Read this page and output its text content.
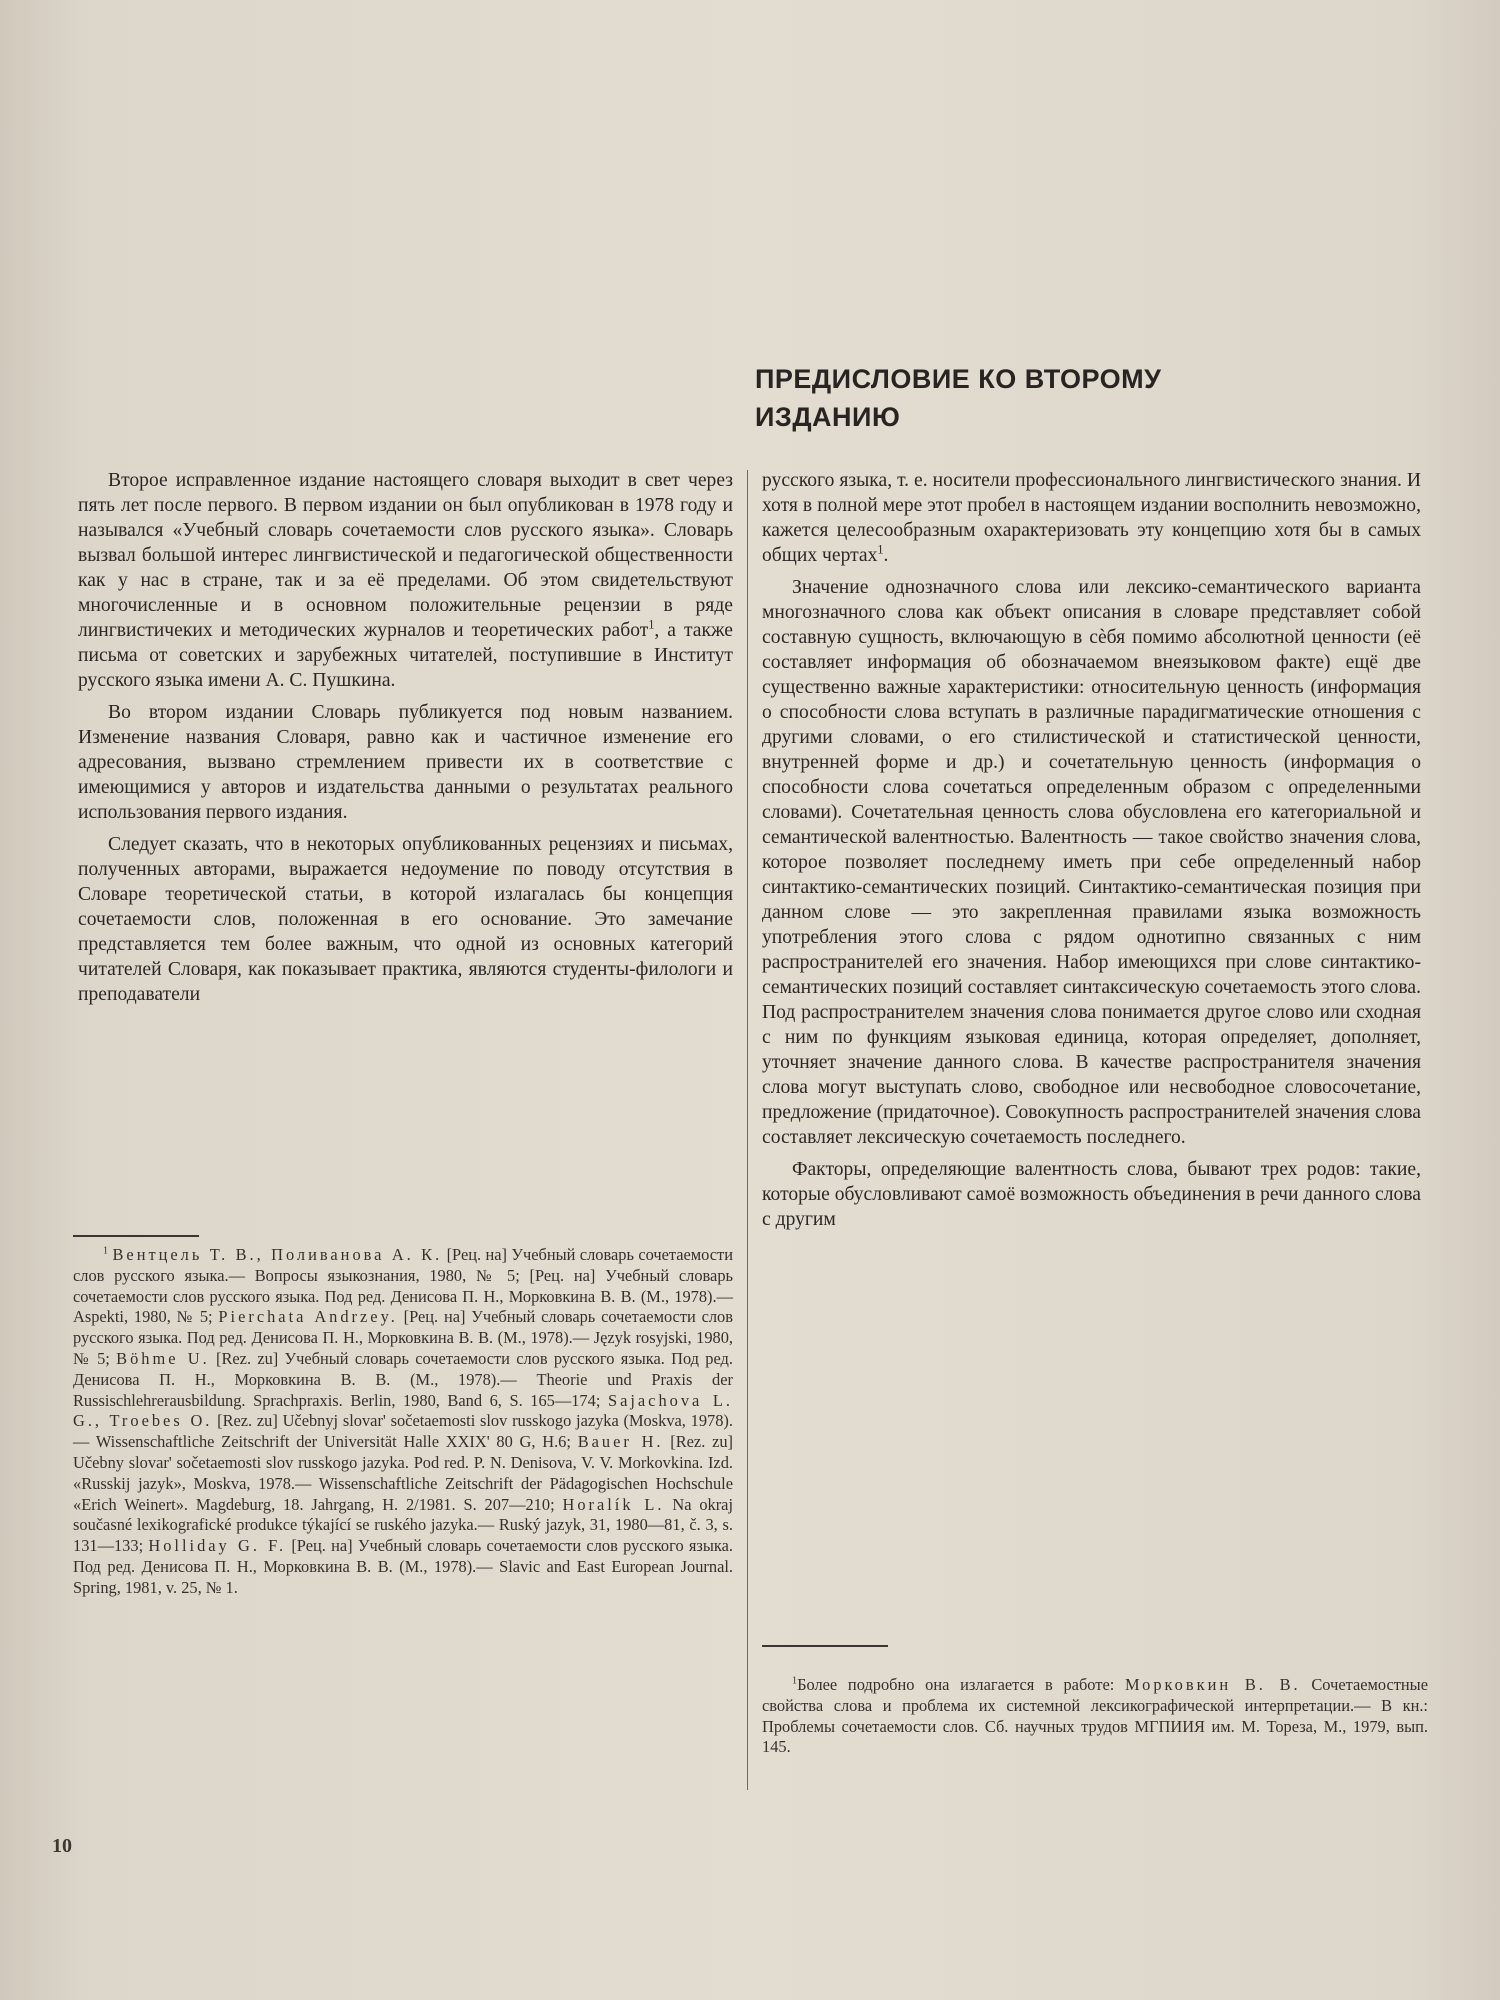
ПРЕДИСЛОВИЕ КО ВТОРОМУ
ИЗДАНИЮ

Второе исправленное издание настоящего словаря выходит в свет через пять лет после первого. В первом издании он был опубликован в 1978 году и назывался «Учебный словарь сочетаемости слов русского языка». Словарь вызвал большой интерес лингвистической и педагогической общественности как у нас в стране, так и за её пределами. Об этом свидетельствуют многочисленные и в основном положительные рецензии в ряде лингвистичеких и методических журналов и теоретических работ$^1$, а также письма от советских и зарубежных читателей, поступившие в Институт русского языка имени А. С. Пушкина.

Во втором издании Словарь публикуется под новым названием. Изменение названия Словаря, равно как и частичное изменение его адресования, вызвано стремлением привести их в соответствие с имеющимися у авторов и издательства данными о результатах реального использования первого издания.

Следует сказать, что в некоторых опубликованных рецензиях и письмах, полученных авторами, выражается недоумение по поводу отсутствия в Словаре теоретической статьи, в которой излагалась бы концепция сочетаемости слов, положенная в его основание. Это замечание представляется тем более важным, что одной из основных категорий читателей Словаря, как показывает практика, являются студенты-филологи и преподаватели

русского языка, т. е. носители профессионального лингвистического знания. И хотя в полной мере этот пробел в настоящем издании восполнить невозможно, кажется целесообразным охарактеризовать эту концепцию хотя бы в самых общих чертах$^1$.

Значение однозначного слова или лексико-семантического варианта многозначного слова как объект описания в словаре представляет собой составную сущность, включающую в сèбя помимо абсолютной ценности (её составляет информация об обозначаемом внеязыковом факте) ещё две существенно важные характеристики: относительную ценность (информация о способности слова вступать в различные парадигматические отношения с другими словами, о его стилистической и статистической ценности, внутренней форме и др.) и сочетательную ценность (информация о способности слова сочетаться определенным образом с определенными словами). Сочетательная ценность слова обусловлена его категориальной и семантической валентностью. Валентность — такое свойство значения слова, которое позволяет последнему иметь при себе определенный набор синтактико-семантических позиций. Синтактико-семантическая позиция при данном слове — это закрепленная правилами языка возможность употребления этого слова с рядом однотипно связанных с ним распространителей его значения. Набор имеющихся при слове синтактико-семантических позиций составляет синтаксическую сочетаемость этого слова. Под распространителем значения слова понимается другое слово или сходная с ним по функциям языковая единица, которая определяет, дополняет, уточняет значение данного слова. В качестве распространителя значения слова могут выступать слово, свободное или несвободное словосочетание, предложение (придаточное). Совокупность распространителей значения слова составляет лексическую сочетаемость последнего.

Факторы, определяющие валентность слова, бывают трех родов: такие, которые обусловливают самоё возможность объединения в речи данного слова с другим

$^1$ Вентцель Т. В., Поливанова А. К. [Рец. на] Учебный словарь сочетаемости слов русского языка.— Вопросы языкознания, 1980, № 5; [Рец. на] Учебный словарь сочетаемости слов русского языка. Под ред. Денисова П. Н., Морковкина В. В. (М., 1978).— Aspekti, 1980, № 5; Pierchata Andrzey. [Рец. на] Учебный словарь сочетаемости слов русского языка. Под ред. Денисова П. Н., Морковкина В. В. (М., 1978).— Język rosyjski, 1980, № 5; Böhme U. [Rez. zu] Учебный словарь сочетаемости слов русского языка. Под ред. Денисова П. Н., Морковкина В. В. (М., 1978).— Theorie und Praxis der Russischlehrerausbildung. Sprachpraxis. Berlin, 1980, Band 6, S. 165—174; Sajachova L. G., Troebes O. [Rez. zu] Učebnyj slovar' sočetaemosti slov russkogo jazyka (Moskva, 1978). — Wissenschaftliche Zeitschrift der Universität Halle XXIX' 80 G, H.6; Bauer H. [Rez. zu] Učebny slovar' sočetaemosti slov russkogo jazyka. Pod red. P. N. Denisova, V. V. Morkovkina. Izd. «Russkij jazyk», Moskva, 1978.— Wissenschaftliche Zeitschrift der Pädagogischen Hochschule «Erich Weinert». Magdeburg, 18. Jahrgang, H. 2/1981. S. 207—210; Horalík L. Na okraj současné lexikografické produkce týkající se ruského jazyka.— Ruský jazyk, 31, 1980—81, č. 3, s. 131—133; Holliday G. F. [Рец. на] Учебный словарь сочетаемости слов русского языка. Под ред. Денисова П. Н., Морковкина В. В. (М., 1978).— Slavic and East European Journal. Spring, 1981, v. 25, № 1.

$^1$Более подробно она излагается в работе: Морковкин В. В. Сочетаемостные свойства слова и проблема их системной лексикографической интерпретации.— В кн.: Проблемы сочетаемости слов. Сб. научных трудов МГПИИЯ им. М. Тореза, М., 1979, вып. 145.

10
